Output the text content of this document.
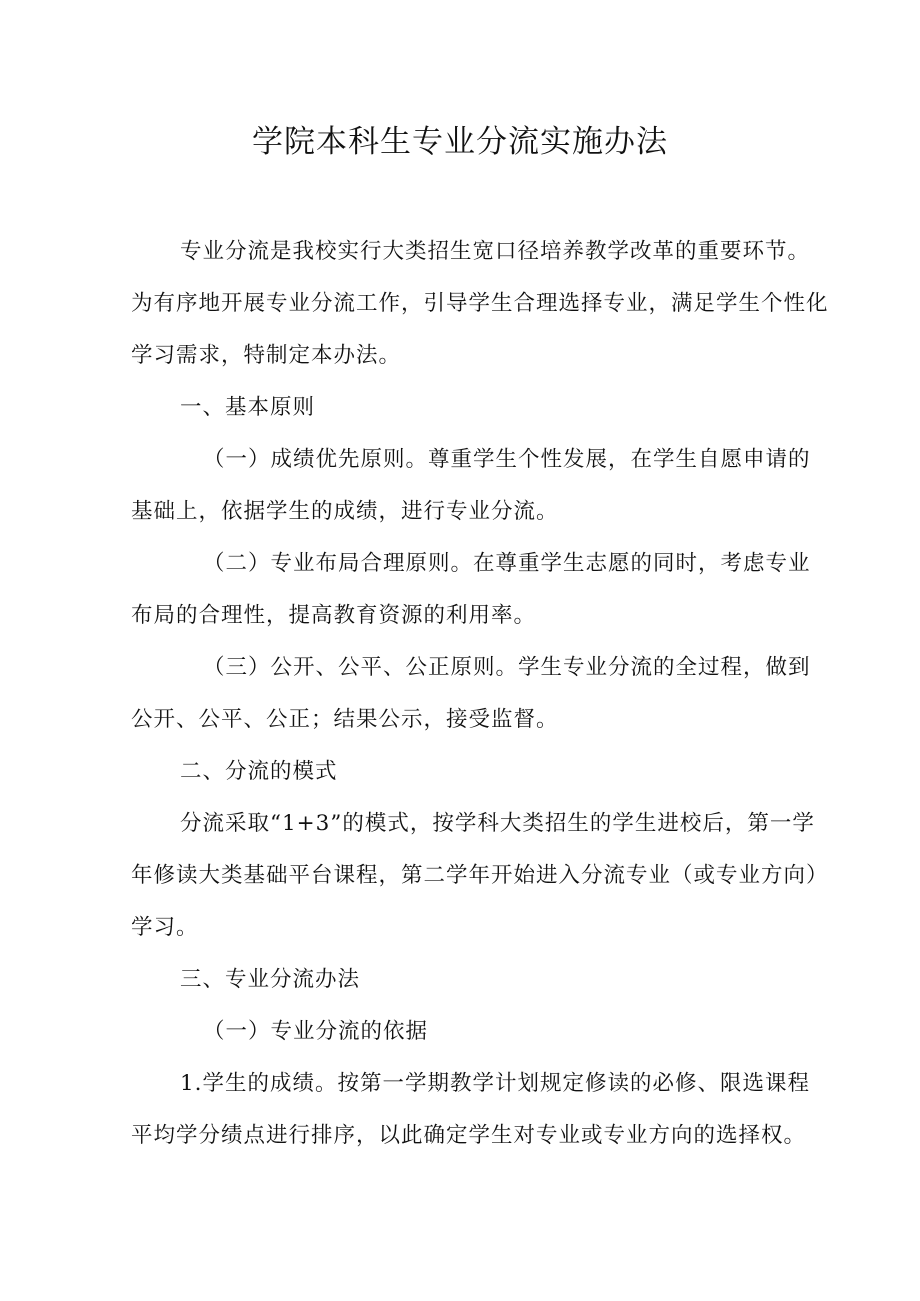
学院本科生专业分流实施办法

专业分流是我校实行大类招生宽口径培养教学改革的重要环节。为有序地开展专业分流工作，引导学生合理选择专业，满足学生个性化学习需求，特制定本办法。

一、基本原则

（一）成绩优先原则。尊重学生个性发展，在学生自愿申请的基础上，依据学生的成绩，进行专业分流。

（二）专业布局合理原则。在尊重学生志愿的同时，考虑专业布局的合理性，提高教育资源的利用率。

（三）公开、公平、公正原则。学生专业分流的全过程，做到公开、公平、公正；结果公示，接受监督。

二、分流的模式

分流采取“1+3”的模式，按学科大类招生的学生进校后，第一学年修读大类基础平台课程，第二学年开始进入分流专业（或专业方向）学习。

三、专业分流办法

（一）专业分流的依据

1.学生的成绩。按第一学期教学计划规定修读的必修、限选课程平均学分绩点进行排序，以此确定学生对专业或专业方向的选择权。
